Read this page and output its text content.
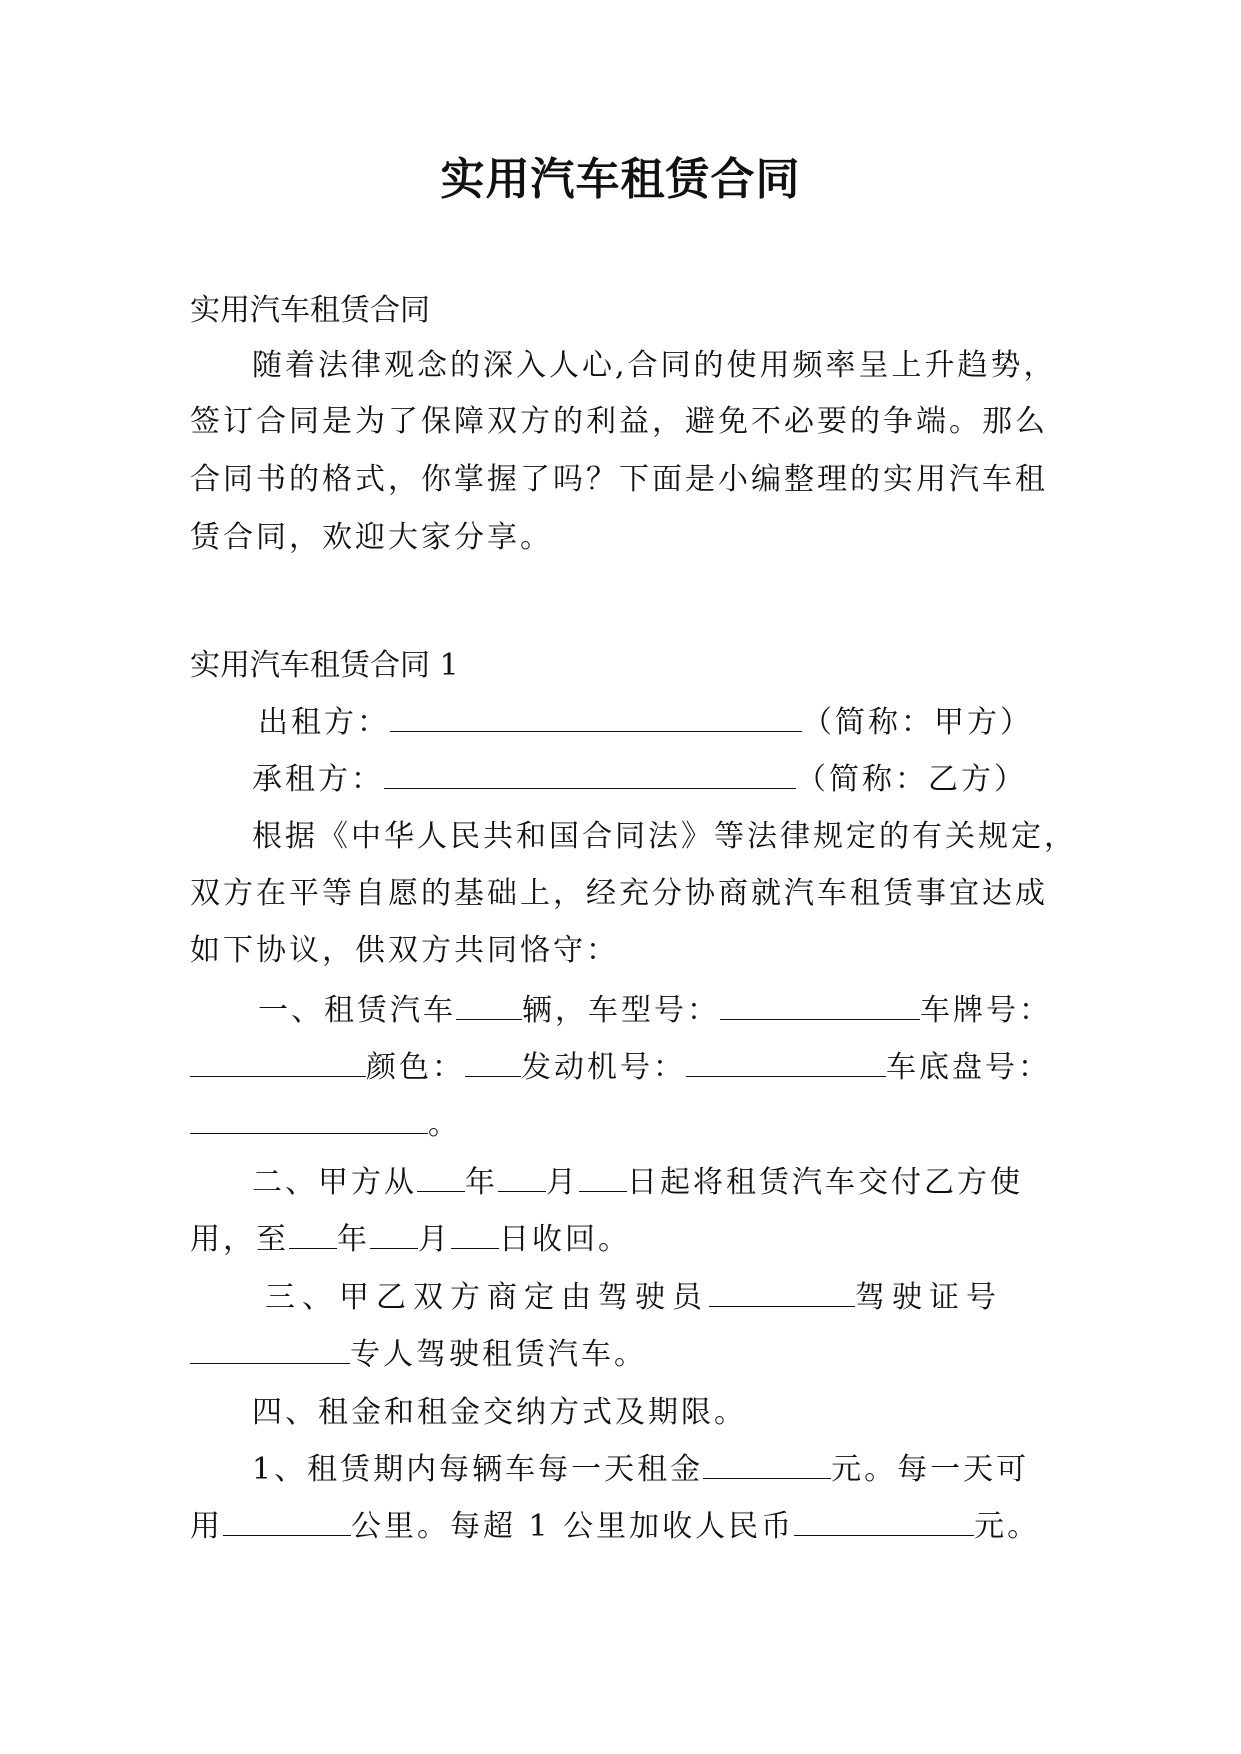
实用汽车租赁合同
实用汽车租赁合同
随着法律观念的深入人心,合同的使用频率呈上升趋势，
签订合同是为了保障双方的利益，避免不必要的争端。那么
合同书的格式，你掌握了吗？下面是小编整理的实用汽车租
赁合同，欢迎大家分享。
实用汽车租赁合同 1
出租方：	（简称：甲方）
承租方：	（简称：乙方）
根据《中华人民共和国合同法》等法律规定的有关规定，
双方在平等自愿的基础上，经充分协商就汽车租赁事宜达成
如下协议，供双方共同恪守：
一、租赁汽车 辆，车型号：	车牌号：
颜色： 发动机号：	车底盘号：
。
二、甲方从 年 月 日起将租赁汽车交付乙方使
用，至 年 月 日收回。
三、甲乙双方商定由驾驶员	驾驶证号
专人驾驶租赁汽车。
四、租金和租金交纳方式及期限。
1、租赁期内每辆车每一天租金	元。每一天可
用	公里。每超 1 公里加收人民币	元。
